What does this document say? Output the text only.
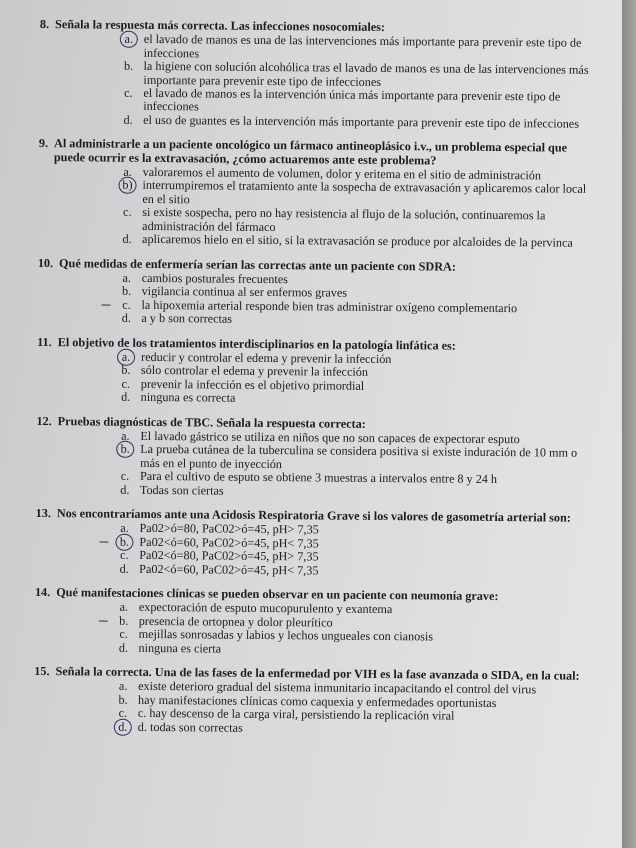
8. Señala la respuesta más correcta. Las infecciones nosocomiales:
a. el lavado de manos es una de las intervenciones más importante para prevenir este tipo de infecciones
b. la higiene con solución alcohólica tras el lavado de manos es una de las intervenciones más importante para prevenir este tipo de infecciones
c. el lavado de manos es la intervención única más importante para prevenir este tipo de infecciones
d. el uso de guantes es la intervención más importante para prevenir este tipo de infecciones
9. Al administrarle a un paciente oncológico un fármaco antineoplásico i.v., un problema especial que puede ocurrir es la extravasación, ¿cómo actuaremos ante este problema?
a. valoraremos el aumento de volumen, dolor y eritema en el sitio de administración
b) interrumpiremos el tratamiento ante la sospecha de extravasación y aplicaremos calor local en el sitio
c. si existe sospecha, pero no hay resistencia al flujo de la solución, continuaremos la administración del fármaco
d. aplicaremos hielo en el sitio, si la extravasación se produce por alcaloides de la pervinca
10. Qué medidas de enfermería serían las correctas ante un paciente con SDRA:
a. cambios posturales frecuentes
b. vigilancia continua al ser enfermos graves
c. la hipoxemia arterial responde bien tras administrar oxígeno complementario
d. a y b son correctas
11. El objetivo de los tratamientos interdisciplinarios en la patología linfática es:
a. reducir y controlar el edema y prevenir la infección
b. sólo controlar el edema y prevenir la infección
c. prevenir la infección es el objetivo primordial
d. ninguna es correcta
12. Pruebas diagnósticas de TBC. Señala la respuesta correcta:
a. El lavado gástrico se utiliza en niños que no son capaces de expectorar esputo
b. La prueba cutánea de la tuberculina se considera positiva si existe induración de 10 mm o más en el punto de inyección
c. Para el cultivo de esputo se obtiene 3 muestras a intervalos entre 8 y 24 h
d. Todas son ciertas
13. Nos encontraríamos ante una Acidosis Respiratoria Grave si los valores de gasometría arterial son:
a. Pa02>ó=80, PaC02>ó=45, pH> 7,35
b. Pa02<ó=60, PaC02>ó=45, pH< 7,35
c. Pa02<ó=80, PaC02>ó=45, pH> 7,35
d. Pa02<ó=60, PaC02>ó=45, pH< 7,35
14. Qué manifestaciones clínicas se pueden observar en un paciente con neumonía grave:
a. expectoración de esputo mucopurulento y exantema
b. presencia de ortopnea y dolor pleurítico
c. mejillas sonrosadas y labios y lechos ungueales con cianosis
d. ninguna es cierta
15. Señala la correcta. Una de las fases de la enfermedad por VIH es la fase avanzada o SIDA, en la cual:
a. existe deterioro gradual del sistema inmunitario incapacitando el control del virus
b. hay manifestaciones clínicas como caquexia y enfermedades oportunistas
c. c. hay descenso de la carga viral, persistiendo la replicación viral
d. d. todas son correctas
